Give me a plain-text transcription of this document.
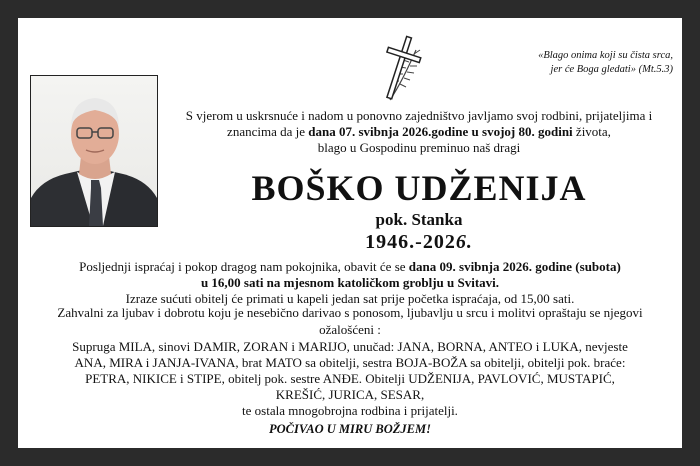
«Blago onima koji su čista srca,
jer će Boga gledati» (Mt.5.3)
S vjerom u uskrsnuće i nadom u ponovno zajedništvo javljamo svoj rodbini, prijateljima i
znancima da je dana 07. svibnja 2026.godine u svojoj 80. godini života,
blago u Gospodinu preminuo naš dragi
BOŠKO UDŽENIJA
pok. Stanka
1946.-2026.
Posljednji ispraćaj i pokop dragog nam pokojnika, obavit će se dana 09. svibnja 2026. godine (subota)
u 16,00 sati na mjesnom katoličkom groblju u Svitavi.
Izraze sućuti obitelj će primati u kapeli jedan sat prije početka ispraćaja, od 15,00 sati.
Zahvalni za ljubav i dobrotu koju je nesebično darivao s ponosom, ljubavlju u srcu i molitvi opraštaju se njegovi
ožalošćeni :
Supruga MILA, sinovi DAMIR, ZORAN i MARIJO, unučad: JANA, BORNA, ANTEO i LUKA, nevjeste
ANA, MIRA i JANJA-IVANA, brat MATO sa obitelji, sestra BOJA-BOŽA sa obitelji, obitelji pok. braće:
PETRA, NIKICE i STIPE, obitelj pok. sestre ANĐE. Obitelji UDŽENIJA, PAVLOVIĆ, MUSTAPIĆ,
KREŠIĆ, JURICA, SESAR,
te ostala mnogobrojna rodbina i prijatelji.
POČIVAO U MIRU BOŽJEM!
